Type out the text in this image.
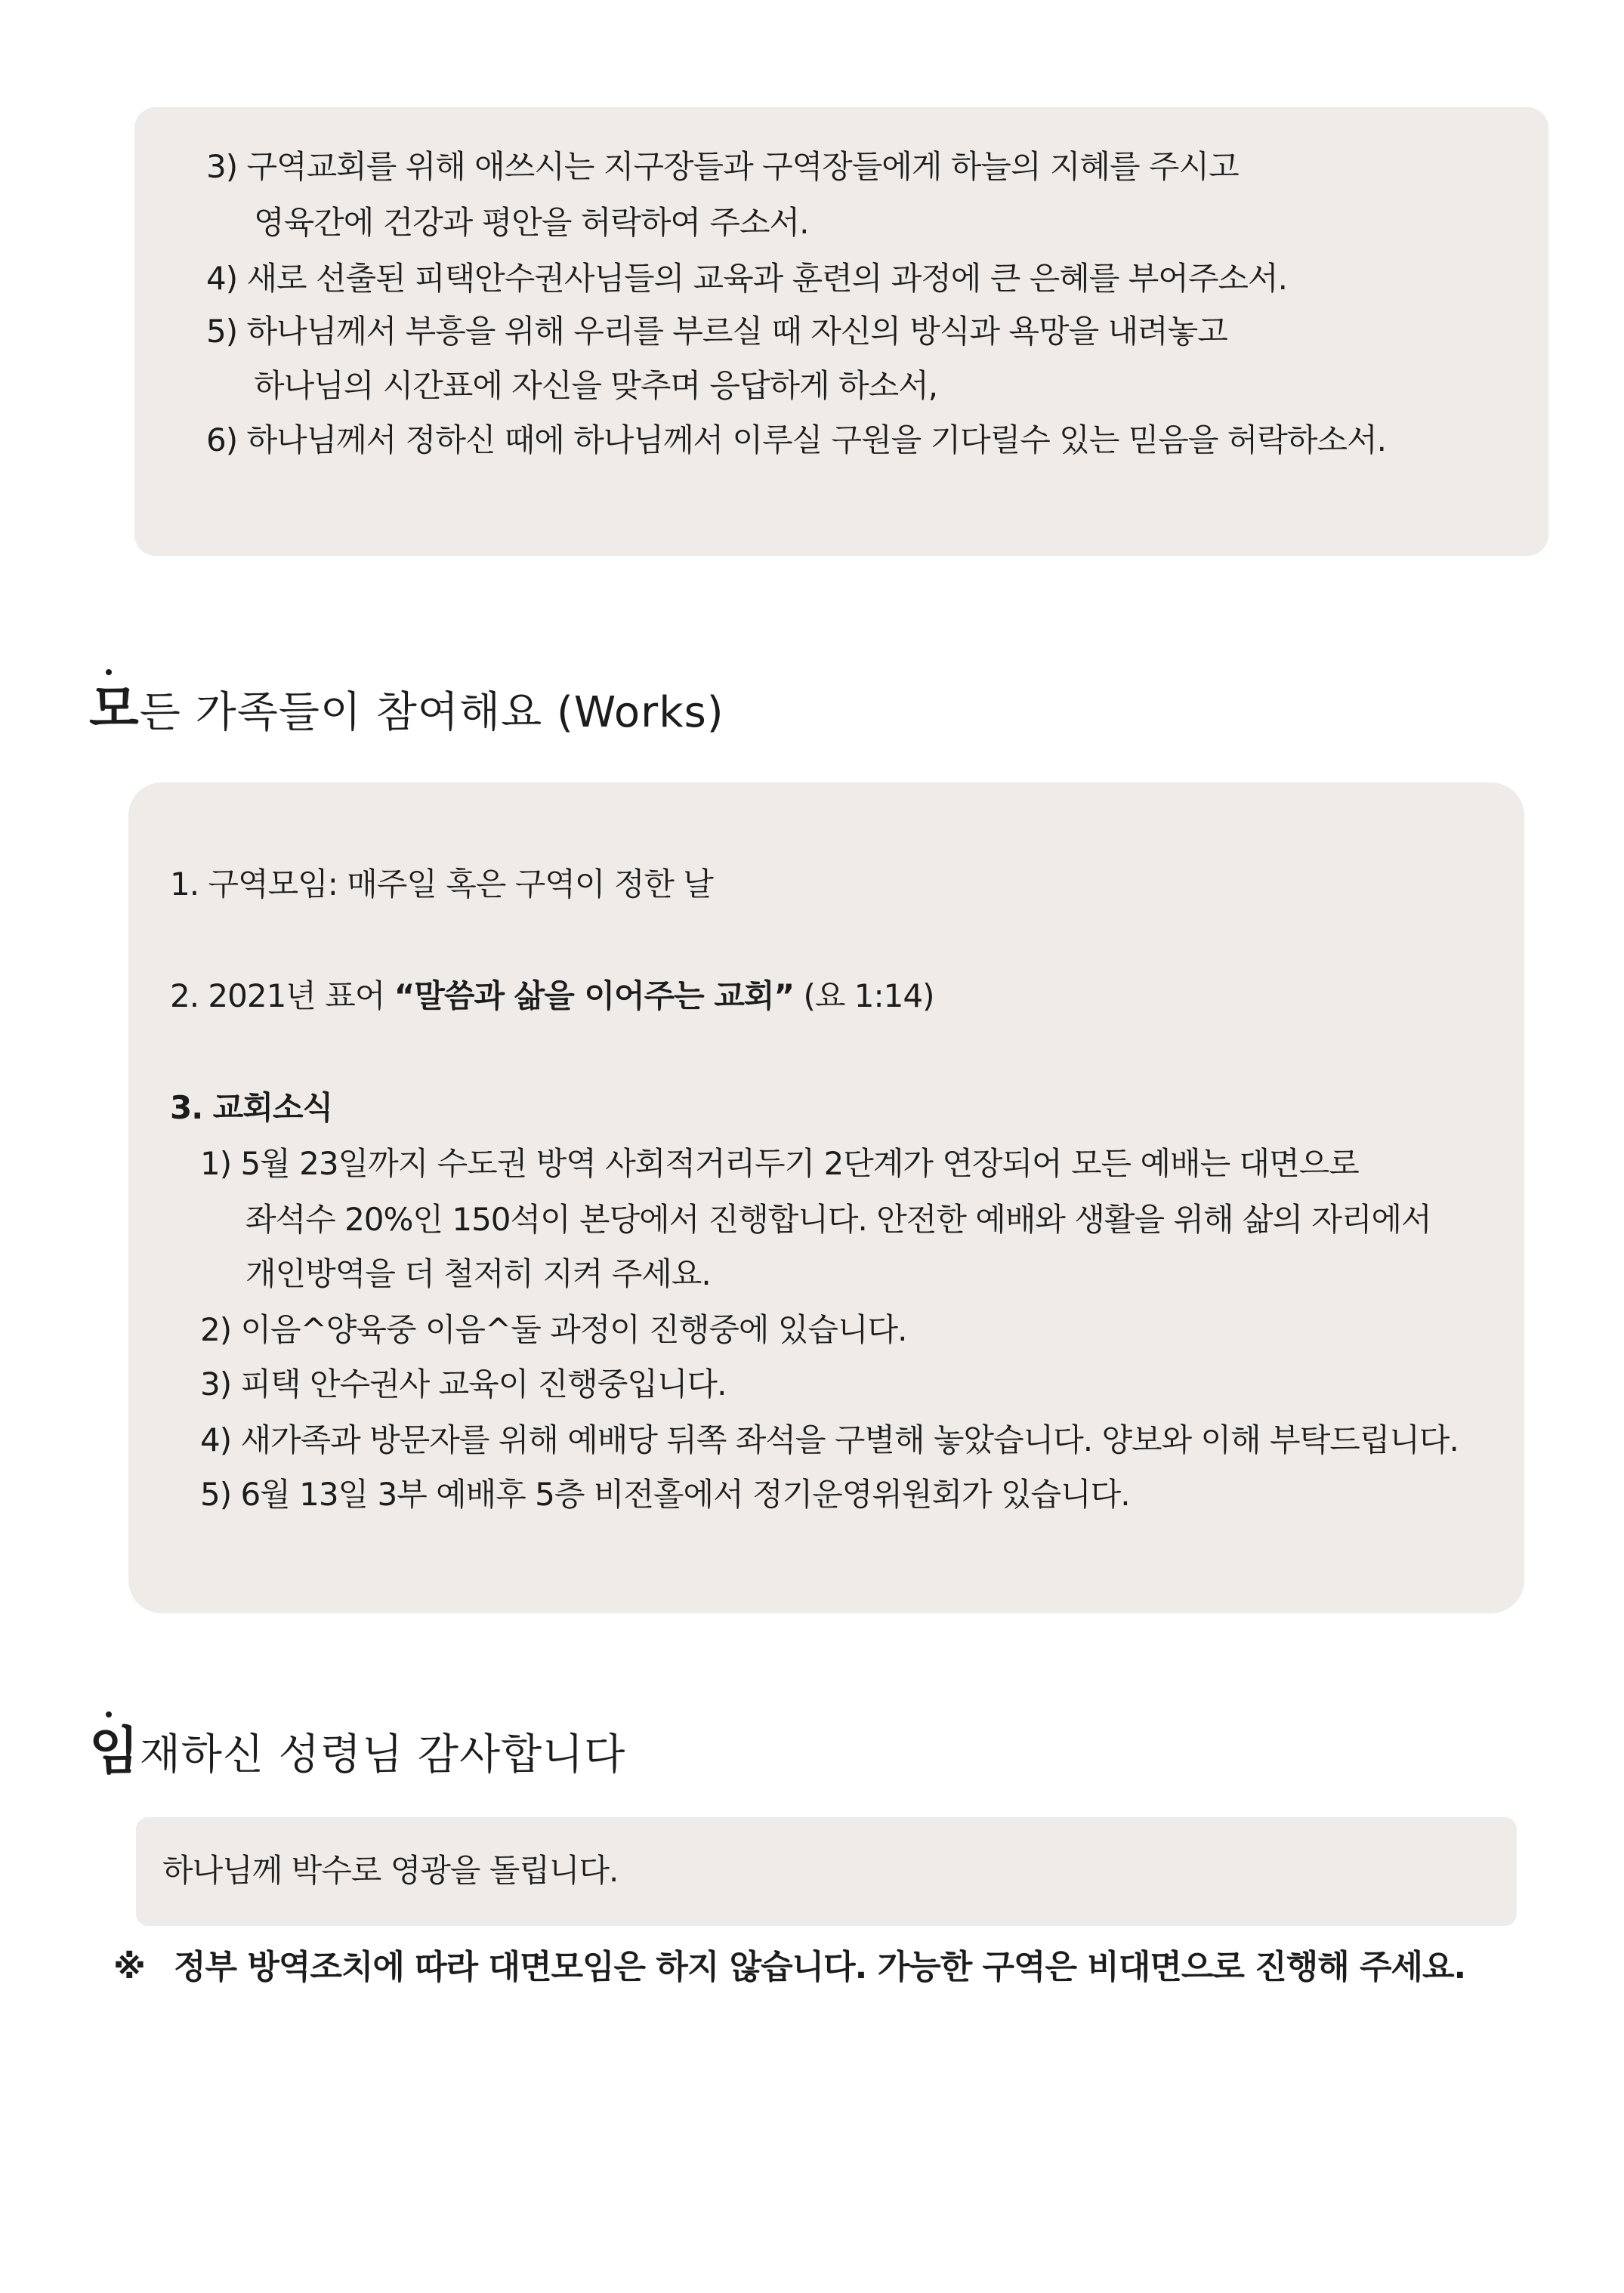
3) 구역교회를 위해 애쓰시는 지구장들과 구역장들에게 하늘의 지혜를 주시고
영육간에 건강과 평안을 허락하여 주소서.
4) 새로 선출된 피택안수권사님들의 교육과 훈련의 과정에 큰 은혜를 부어주소서.
5) 하나님께서 부흥을 위해 우리를 부르실 때 자신의 방식과 욕망을 내려놓고
하나님의 시간표에 자신을 맞추며 응답하게 하소서,
6) 하나님께서 정하신 때에 하나님께서 이루실 구원을 기다릴수 있는 믿음을 허락하소서.
모든 가족들이 참여해요 (Works)
1. 구역모임: 매주일 혹은 구역이 정한 날
2. 2021년 표어 “말씀과 삶을 이어주는 교회” (요 1:14)
3. 교회소식
1) 5월 23일까지 수도권 방역 사회적거리두기 2단계가 연장되어 모든 예배는 대면으로
좌석수 20%인 150석이 본당에서 진행합니다. 안전한 예배와 생활을 위해 삶의 자리에서
개인방역을 더 철저히 지켜 주세요.
2) 이음^양육중 이음^둘 과정이 진행중에 있습니다.
3) 피택 안수권사 교육이 진행중입니다.
4) 새가족과 방문자를 위해 예배당 뒤쪽 좌석을 구별해 놓았습니다. 양보와 이해 부탁드립니다.
5) 6월 13일 3부 예배후 5층 비전홀에서 정기운영위원회가 있습니다.
임재하신 성령님 감사합니다
하나님께 박수로 영광을 돌립니다.
※ 정부 방역조치에 따라 대면모임은 하지 않습니다. 가능한 구역은 비대면으로 진행해 주세요.
